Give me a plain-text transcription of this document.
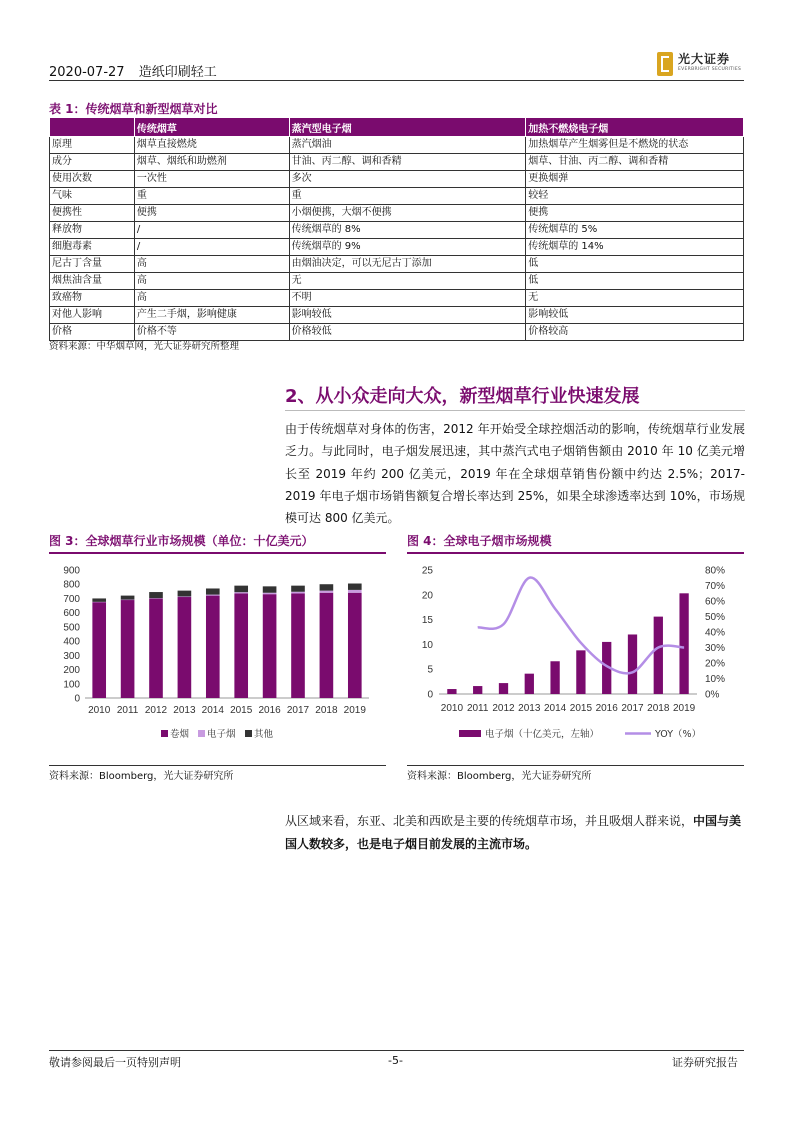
2020-07-27 造纸印刷轻工
光大证券
EVERBRIGHT SECURITIES
表 1：传统烟草和新型烟草对比
	传统烟草	蒸汽型电子烟	加热不燃烧电子烟
原理	烟草直接燃烧	蒸汽烟油	加热烟草产生烟雾但是不燃烧的状态
成分	烟草、烟纸和助燃剂	甘油、丙二醇、调和香精	烟草、甘油、丙二醇、调和香精
使用次数	一次性	多次	更换烟弹
气味	重	重	较轻
便携性	便携	小烟便携，大烟不便携	便携
释放物	/	传统烟草的 8%	传统烟草的 5%
细胞毒素	/	传统烟草的 9%	传统烟草的 14%
尼古丁含量	高	由烟油决定，可以无尼古丁添加	低
烟焦油含量	高	无	低
致癌物	高	不明	无
对他人影响	产生二手烟，影响健康	影响较低	影响较低
价格	价格不等	价格较低	价格较高
资料来源：中华烟草网，光大证券研究所整理
2、从小众走向大众，新型烟草行业快速发展
由于传统烟草对身体的伤害，2012 年开始受全球控烟活动的影响，传统烟草行业发展乏力。与此同时，电子烟发展迅速，其中蒸汽式电子烟销售额由 2010 年 10 亿美元增长至 2019 年约 200 亿美元，2019 年在全球烟草销售份额中约达 2.5%；2017-2019 年电子烟市场销售额复合增长率达到 25%，如果全球渗透率达到 10%，市场规模可达 800 亿美元。
图 3：全球烟草行业市场规模（单位：十亿美元）
0
100
200
300
400
500
600
700
800
900
2010 2011 2012 2013 2014 2015 2016 2017 2018 2019
卷烟 电子烟 其他
资料来源：Bloomberg，光大证券研究所
图 4：全球电子烟市场规模
0
5
10
15
20
25
0%
10%
20%
30%
40%
50%
60%
70%
80%
2010 2011 2012 2013 2014 2015 2016 2017 2018 2019
电子烟（十亿美元，左轴）	YOY（%）
资料来源：Bloomberg，光大证券研究所
从区域来看，东亚、北美和西欧是主要的传统烟草市场，并且吸烟人群来说，中国与美国人数较多，也是电子烟目前发展的主流市场。
敬请参阅最后一页特别声明	-5-	证券研究报告
